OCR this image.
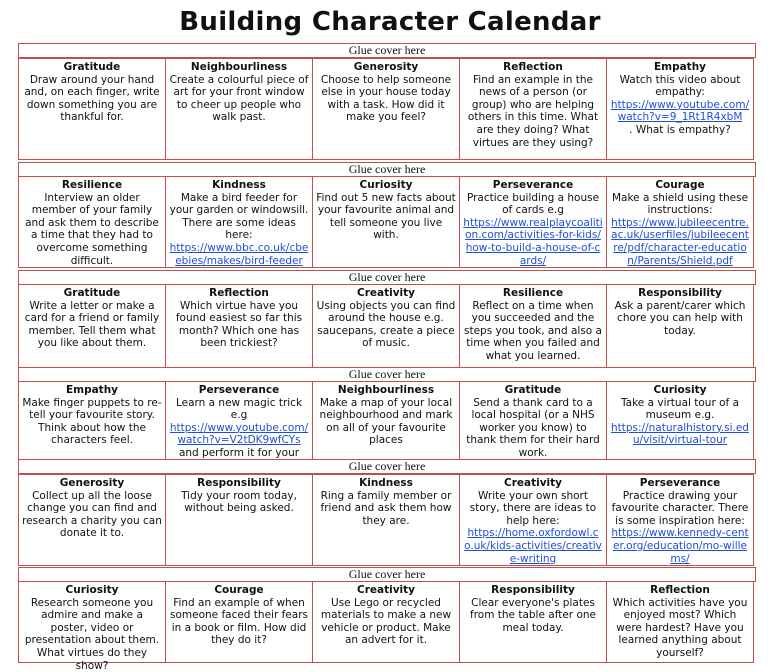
Building Character Calendar
Glue cover here
Gratitude
Draw around your hand and, on each finger, write down something you are thankful for.
Neighbourliness
Create a colourful piece of art for your front window to cheer up people who walk past.
Generosity
Choose to help someone else in your house today with a task. How did it make you feel?
Reflection
Find an example in the news of a person (or group) who are helping others in this time. What are they doing? What virtues are they using?
Empathy
Watch this video about empathy:
https://www.youtube.com/watch?v=9_1Rt1R4xbM
. What is empathy?
Glue cover here
Resilience
Interview an older member of your family and ask them to describe a time that they had to overcome something difficult.
Kindness
Make a bird feeder for your garden or windowsill. There are some ideas here:
https://www.bbc.co.uk/cbeebies/makes/bird-feeder
Curiosity
Find out 5 new facts about your favourite animal and tell someone you live with.
Perseverance
Practice building a house of cards e.g
https://www.realplaycoalition.com/activities-for-kids/how-to-build-a-house-of-cards/
Courage
Make a shield using these instructions:
https://www.jubileecentre.ac.uk/userfiles/jubileecentre/pdf/character-education/Parents/Shield.pdf
Glue cover here
Gratitude
Write a letter or make a card for a friend or family member. Tell them what you like about them.
Reflection
Which virtue have you found easiest so far this month? Which one has been trickiest?
Creativity
Using objects you can find around the house e.g. saucepans, create a piece of music.
Resilience
Reflect on a time when you succeeded and the steps you took, and also a time when you failed and what you learned.
Responsibility
Ask a parent/carer which chore you can help with today.
Glue cover here
Empathy
Make finger puppets to re-tell your favourite story. Think about how the characters feel.
Perseverance
Learn a new magic trick e.g
https://www.youtube.com/watch?v=V2tDK9wfCYs
and perform it for your
Neighbourliness
Make a map of your local neighbourhood and mark on all of your favourite places
Gratitude
Send a thank card to a local hospital (or a NHS worker you know) to thank them for their hard work.
Curiosity
Take a virtual tour of a museum e.g.
https://naturalhistory.si.edu/visit/virtual-tour
Glue cover here
Generosity
Collect up all the loose change you can find and research a charity you can donate it to.
Responsibility
Tidy your room today, without being asked.
Kindness
Ring a family member or friend and ask them how they are.
Creativity
Write your own short story, there are ideas to help here:
https://home.oxfordowl.co.uk/kids-activities/creative-writing
Perseverance
Practice drawing your favourite character. There is some inspiration here:
https://www.kennedy-center.org/education/mo-willems/
Glue cover here
Curiosity
Research someone you admire and make a poster, video or presentation about them. What virtues do they show?
Courage
Find an example of when someone faced their fears in a book or film. How did they do it?
Creativity
Use Lego or recycled materials to make a new vehicle or product. Make an advert for it.
Responsibility
Clear everyone's plates from the table after one meal today.
Reflection
Which activities have you enjoyed most? Which were hardest? Have you learned anything about yourself?
